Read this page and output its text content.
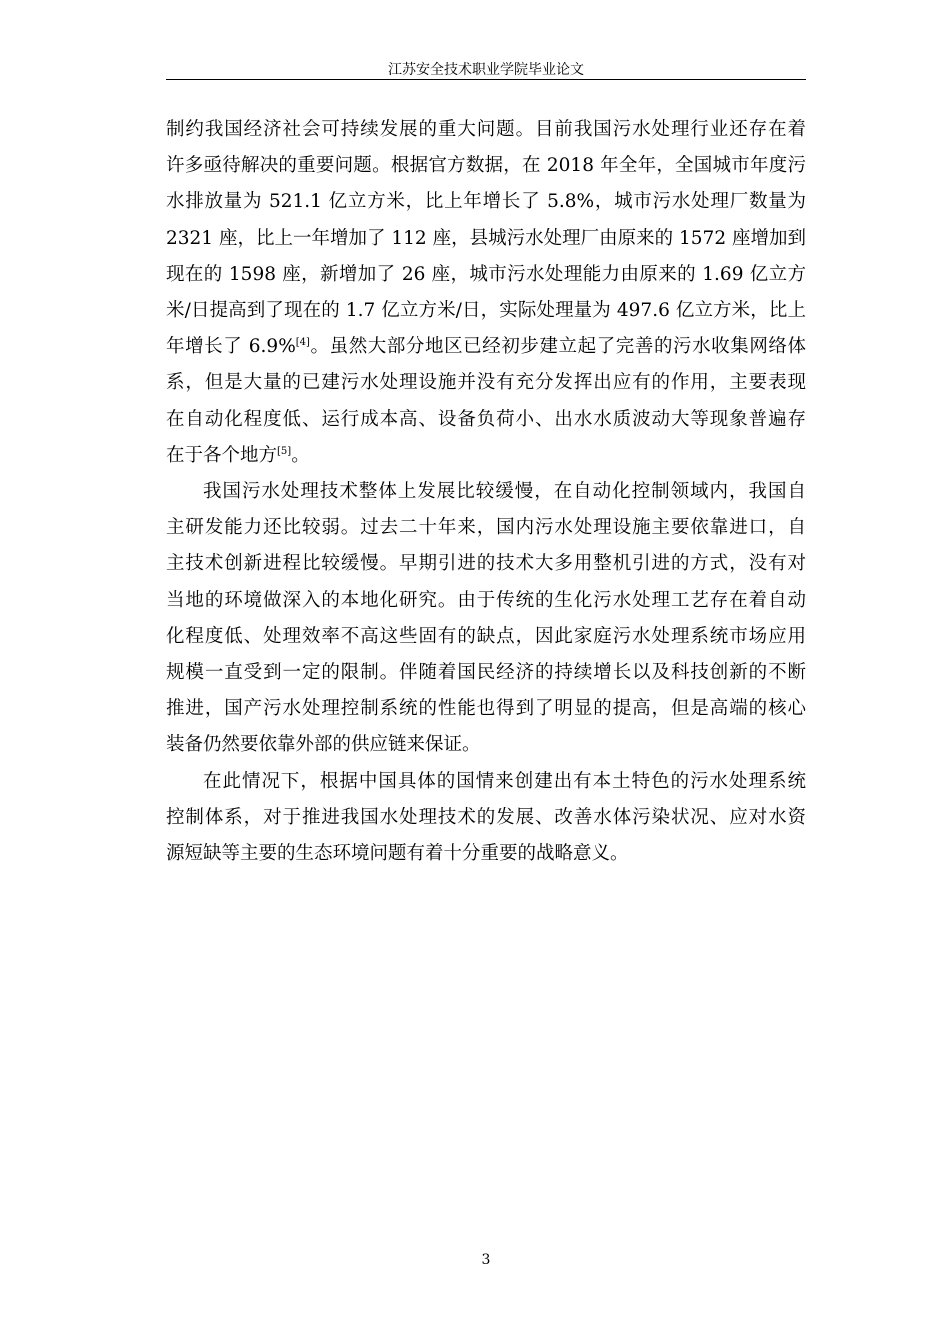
江苏安全技术职业学院毕业论文

制约我国经济社会可持续发展的重大问题。目前我国污水处理行业还存在着
许多亟待解决的重要问题。根据官方数据，在 2018 年全年，全国城市年度污
水排放量为 521.1 亿立方米，比上年增长了 5.8%，城市污水处理厂数量为
2321 座，比上一年增加了 112 座，县城污水处理厂由原来的 1572 座增加到
现在的 1598 座，新增加了 26 座，城市污水处理能力由原来的 1.69 亿立方
米/日提高到了现在的 1.7 亿立方米/日，实际处理量为 497.6 亿立方米，比上
年增长了 6.9%[4]。虽然大部分地区已经初步建立起了完善的污水收集网络体
系，但是大量的已建污水处理设施并没有充分发挥出应有的作用，主要表现
在自动化程度低、运行成本高、设备负荷小、出水水质波动大等现象普遍存
在于各个地方[5]。

我国污水处理技术整体上发展比较缓慢，在自动化控制领域内，我国自
主研发能力还比较弱。过去二十年来，国内污水处理设施主要依靠进口，自
主技术创新进程比较缓慢。早期引进的技术大多用整机引进的方式，没有对
当地的环境做深入的本地化研究。由于传统的生化污水处理工艺存在着自动
化程度低、处理效率不高这些固有的缺点，因此家庭污水处理系统市场应用
规模一直受到一定的限制。伴随着国民经济的持续增长以及科技创新的不断
推进，国产污水处理控制系统的性能也得到了明显的提高，但是高端的核心
装备仍然要依靠外部的供应链来保证。

在此情况下，根据中国具体的国情来创建出有本土特色的污水处理系统
控制体系，对于推进我国水处理技术的发展、改善水体污染状况、应对水资
源短缺等主要的生态环境问题有着十分重要的战略意义。

3
